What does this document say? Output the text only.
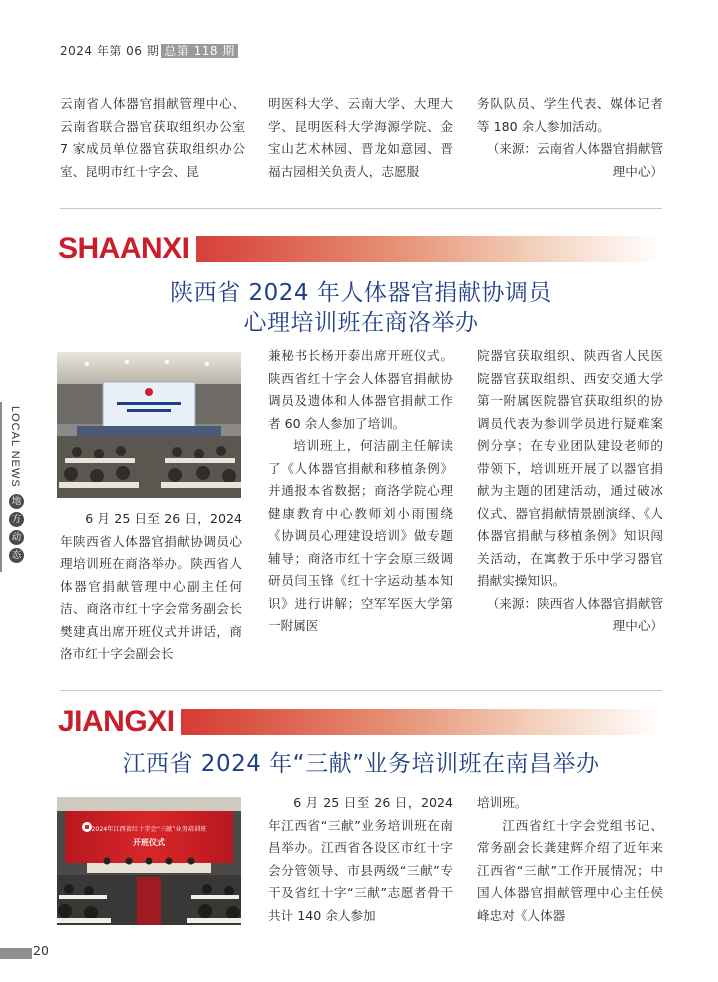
2024 年第 06 期 总第 118 期

云南省人体器官捐献管理中心、云南省联合器官获取组织办公室 7 家成员单位器官获取组织办公室、昆明市红十字会、昆

明医科大学、云南大学、大理大学、昆明医科大学海源学院、金宝山艺术林园、晋龙如意园、晋福古园相关负责人，志愿服

务队队员、学生代表、媒体记者等 180 余人参加活动。

（来源：云南省人体器官捐献管理中心）

SHAANXI
陕西省 2024 年人体器官捐献协调员
心理培训班在商洛举办

6 月 25 日至 26 日，2024 年陕西省人体器官捐献协调员心理培训班在商洛举办。陕西省人体器官捐献管理中心副主任何洁、商洛市红十字会常务副会长樊建真出席开班仪式并讲话，商洛市红十字会副会长

兼秘书长杨开泰出席开班仪式。陕西省红十字会人体器官捐献协调员及遗体和人体器官捐献工作者 60 余人参加了培训。

培训班上，何洁副主任解读了《人体器官捐献和移植条例》并通报本省数据；商洛学院心理健康教育中心教师刘小雨围绕《协调员心理建设培训》做专题辅导；商洛市红十字会原三级调研员闫玉锋《红十字运动基本知识》进行讲解；空军军医大学第一附属医

院器官获取组织、陕西省人民医院器官获取组织、西安交通大学第一附属医院器官获取组织的协调员代表为参训学员进行疑难案例分享；在专业团队建设老师的带领下，培训班开展了以器官捐献为主题的团建活动，通过破冰仪式、器官捐献情景剧演绎、《人体器官捐献与移植条例》知识闯关活动，在寓教于乐中学习器官捐献实操知识。

（来源：陕西省人体器官捐献管理中心）

JIANGXI
江西省 2024 年“三献”业务培训班在南昌举办
2024年江西省红十字会“三献”业务培训班
开班仪式

6 月 25 日至 26 日，2024 年江西省“三献”业务培训班在南昌举办。江西省各设区市红十字会分管领导、市县两级“三献”专干及省红十字“三献”志愿者骨干共计 140 余人参加

培训班。

江西省红十字会党组书记、常务副会长龚建辉介绍了近年来江西省“三献”工作开展情况；中国人体器官捐献管理中心主任侯峰忠对《人体器

LOCAL NEWS
地
方
动
态
20
